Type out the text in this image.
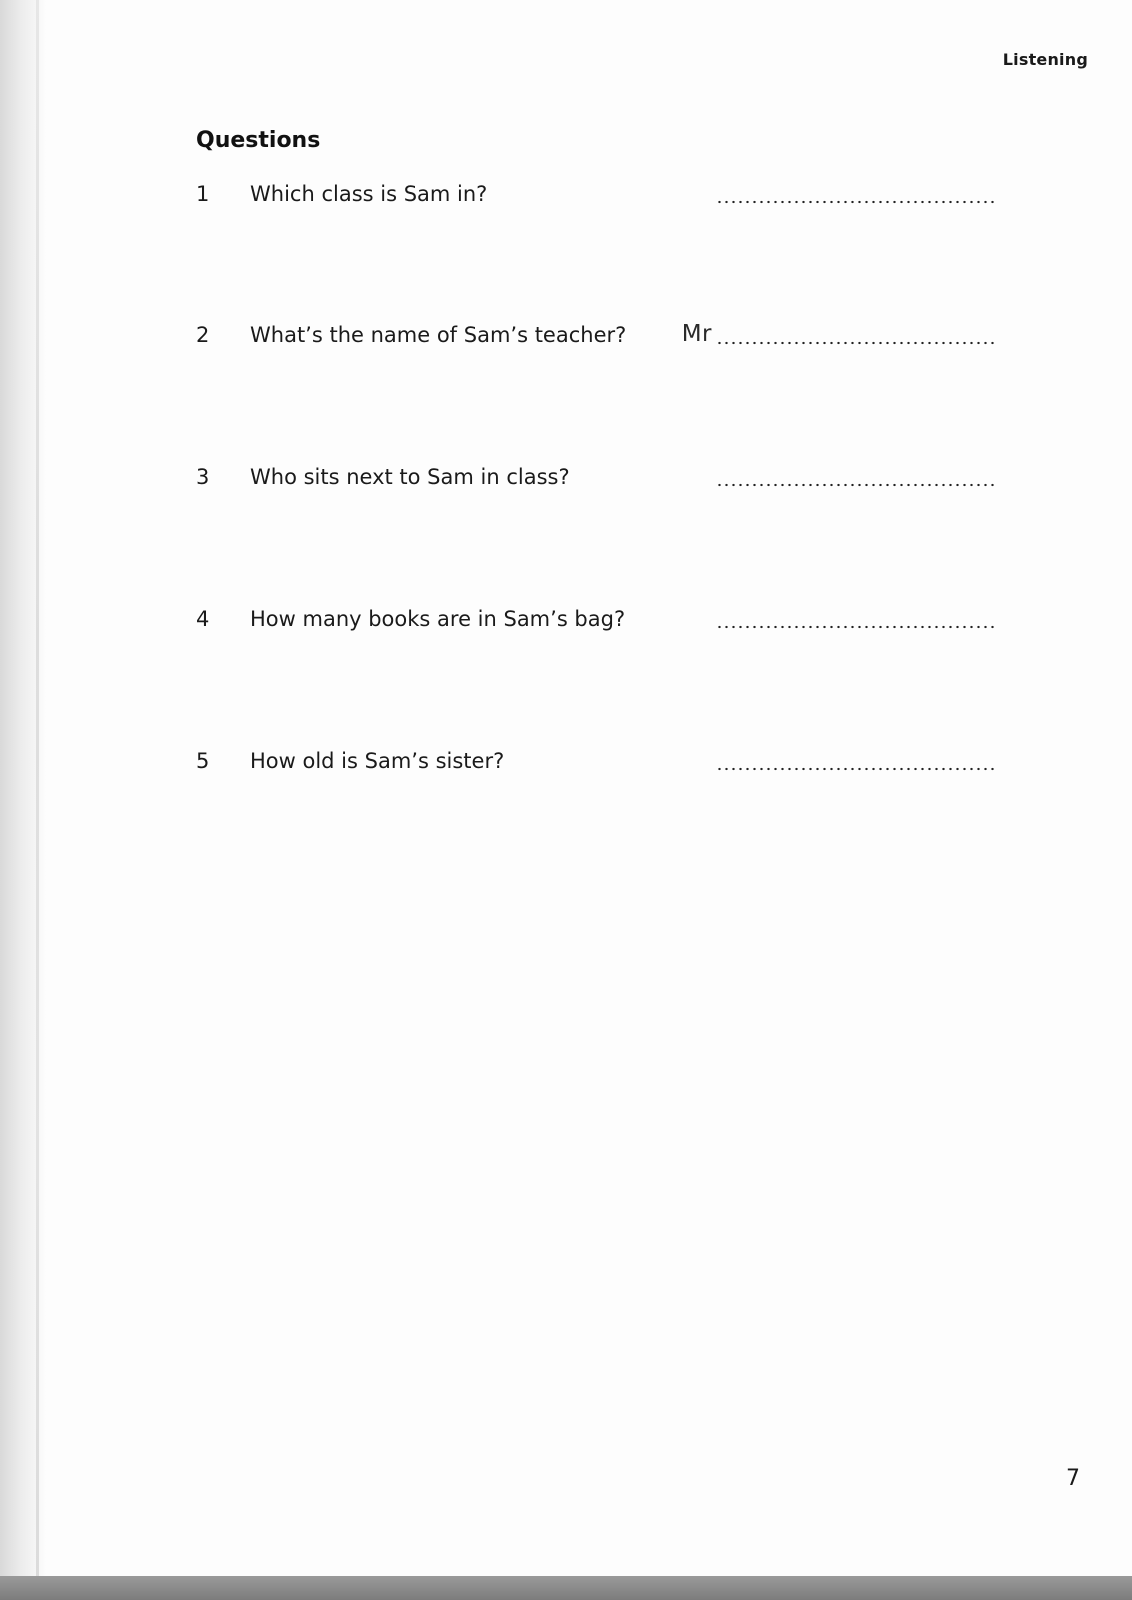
Listening
Questions
1 Which class is Sam in?
2 What’s the name of Sam’s teacher? Mr
3 Who sits next to Sam in class?
4 How many books are in Sam’s bag?
5 How old is Sam’s sister?
7
